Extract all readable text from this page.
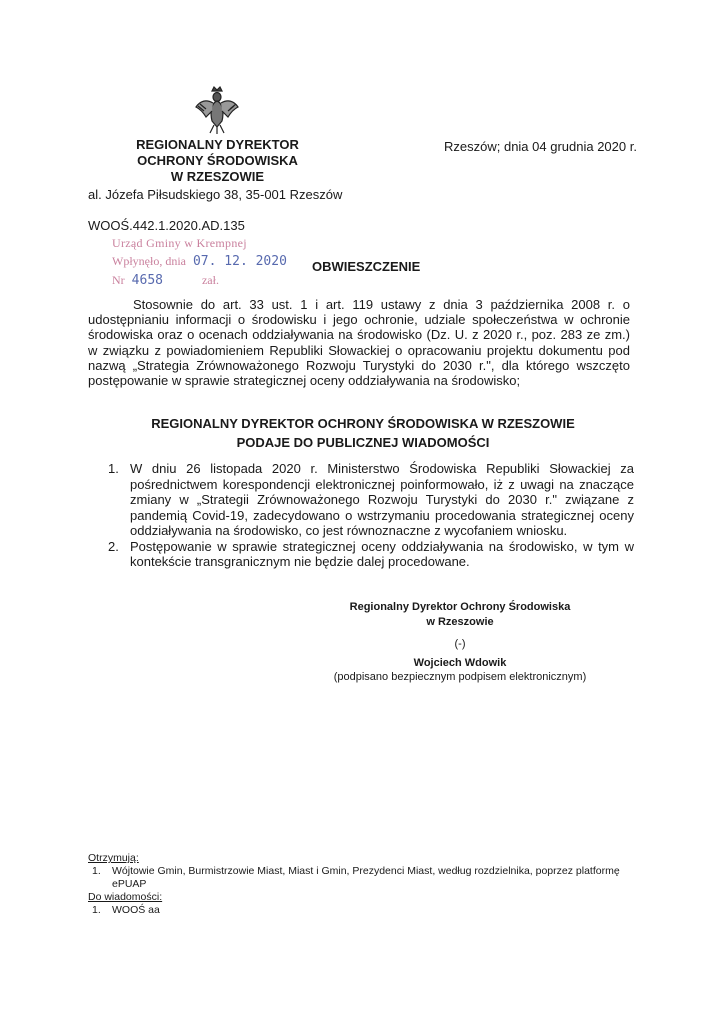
REGIONALNY DYREKTOR
OCHRONY ŚRODOWISKA
W RZESZOWIE
Rzeszów; dnia 04 grudnia 2020 r.
al. Józefa Piłsudskiego 38, 35-001 Rzeszów
WOOŚ.442.1.2020.AD.135
Urząd Gminy w Krempnej
Wpłynęło, dnia 07. 12. 2020
Nr 4658	zał.
OBWIESZCZENIE
Stosownie do art. 33 ust. 1 i art. 119 ustawy z dnia 3 października 2008 r. o udostępnianiu informacji o środowisku i jego ochronie, udziale społeczeństwa w ochronie środowiska oraz o ocenach oddziaływania na środowisko (Dz. U. z 2020 r., poz. 283 ze zm.) w związku z powiadomieniem Republiki Słowackiej o opracowaniu projektu dokumentu pod nazwą „Strategia Zrównoważonego Rozwoju Turystyki do 2030 r.", dla którego wszczęto postępowanie w sprawie strategicznej oceny oddziaływania na środowisko;
REGIONALNY DYREKTOR OCHRONY ŚRODOWISKA W RZESZOWIE
PODAJE DO PUBLICZNEJ WIADOMOŚCI
1. W dniu 26 listopada 2020 r. Ministerstwo Środowiska Republiki Słowackiej za pośrednictwem korespondencji elektronicznej poinformowało, iż z uwagi na znaczące zmiany w „Strategii Zrównoważonego Rozwoju Turystyki do 2030 r." związane z pandemią Covid-19, zadecydowano o wstrzymaniu procedowania strategicznej oceny oddziaływania na środowisko, co jest równoznaczne z wycofaniem wniosku.
2. Postępowanie w sprawie strategicznej oceny oddziaływania na środowisko, w tym w kontekście transgranicznym nie będzie dalej procedowane.
Regionalny Dyrektor Ochrony Środowiska
w Rzeszowie
(-)
Wojciech Wdowik
(podpisano bezpiecznym podpisem elektronicznym)
Otrzymują:
1. Wójtowie Gmin, Burmistrzowie Miast, Miast i Gmin, Prezydenci Miast, według rozdzielnika, poprzez platformę ePUAP
Do wiadomości:
1. WOOŚ aa
